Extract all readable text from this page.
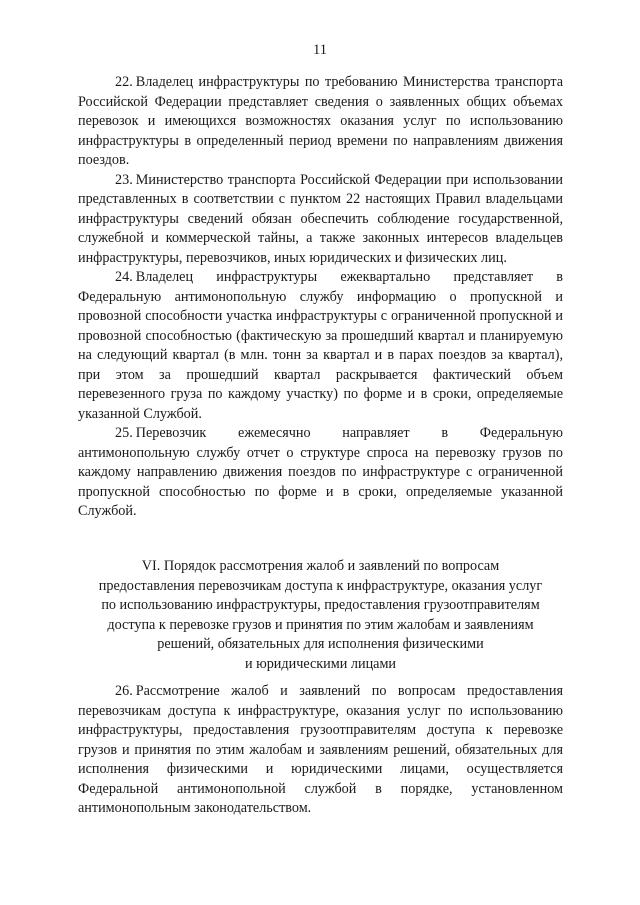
11

22. Владелец инфраструктуры по требованию Министерства транспорта Российской Федерации представляет сведения о заявленных общих объемах перевозок и имеющихся возможностях оказания услуг по использованию инфраструктуры в определенный период времени по направлениям движения поездов.

23. Министерство транспорта Российской Федерации при использовании представленных в соответствии с пунктом 22 настоящих Правил владельцами инфраструктуры сведений обязан обеспечить соблюдение государственной, служебной и коммерческой тайны, а также законных интересов владельцев инфраструктуры, перевозчиков, иных юридических и физических лиц.

24. Владелец инфраструктуры ежеквартально представляет в Федеральную антимонопольную службу информацию о пропускной и провозной способности участка инфраструктуры с ограниченной пропускной и провозной способностью (фактическую за прошедший квартал и планируемую на следующий квартал (в млн. тонн за квартал и в парах поездов за квартал), при этом за прошедший квартал раскрывается фактический объем перевезенного груза по каждому участку) по форме и в сроки, определяемые указанной Службой.

25. Перевозчик ежемесячно направляет в Федеральную антимонопольную службу отчет о структуре спроса на перевозку грузов по каждому направлению движения поездов по инфраструктуре с ограниченной пропускной способностью по форме и в сроки, определяемые указанной Службой.

VI. Порядок рассмотрения жалоб и заявлений по вопросам
предоставления перевозчикам доступа к инфраструктуре, оказания услуг
по использованию инфраструктуры, предоставления грузоотправителям
доступа к перевозке грузов и принятия по этим жалобам и заявлениям
решений, обязательных для исполнения физическими
и юридическими лицами

26. Рассмотрение жалоб и заявлений по вопросам предоставления перевозчикам доступа к инфраструктуре, оказания услуг по использованию инфраструктуры, предоставления грузоотправителям доступа к перевозке грузов и принятия по этим жалобам и заявлениям решений, обязательных для исполнения физическими и юридическими лицами, осуществляется Федеральной антимонопольной службой в порядке, установленном антимонопольным законодательством.
